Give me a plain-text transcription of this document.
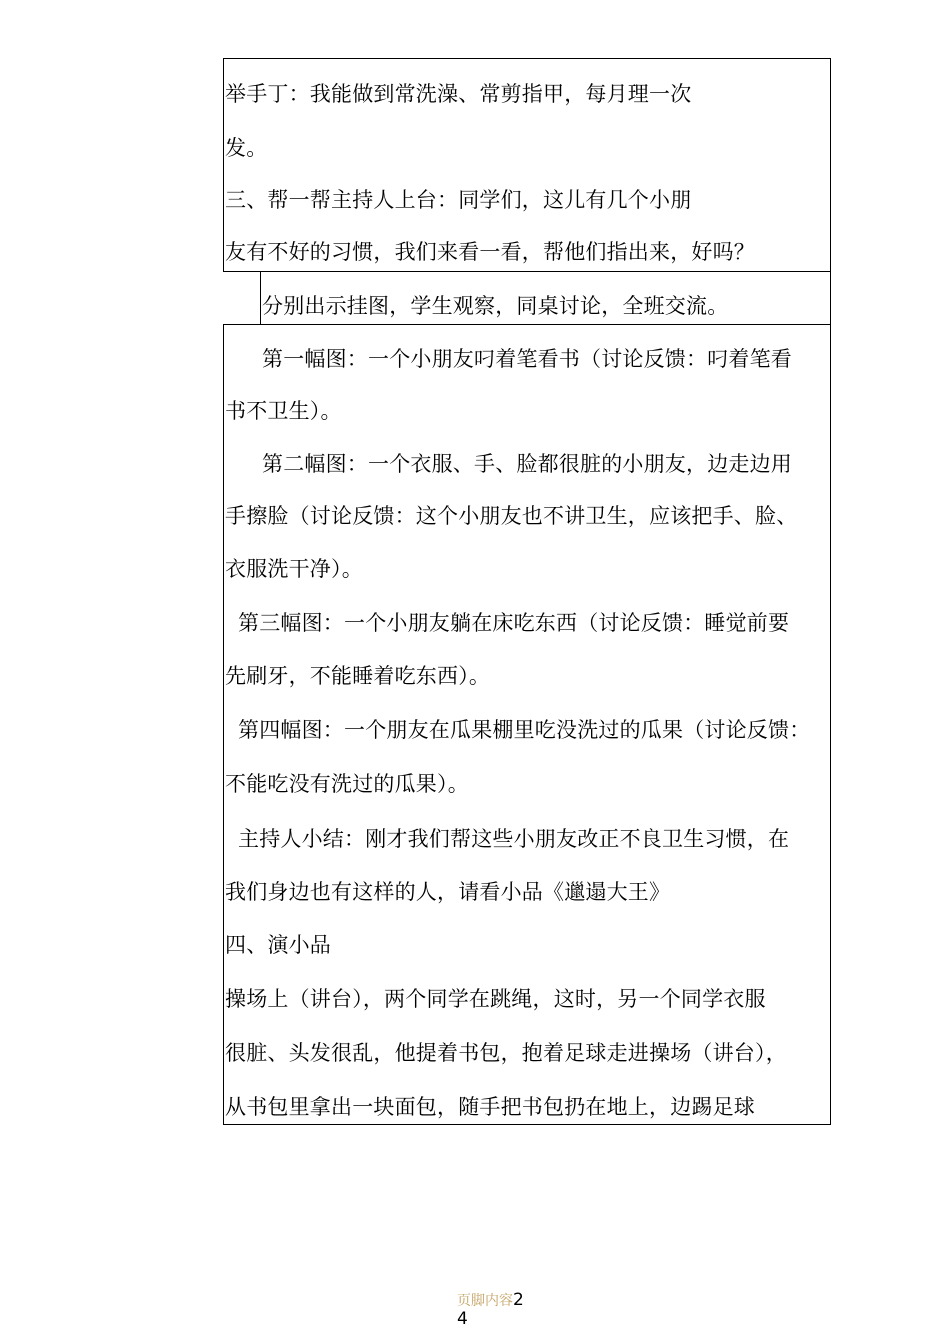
举手丁：我能做到常洗澡、常剪指甲，每月理一次
发。
三、帮一帮主持人上台：同学们，这儿有几个小朋
友有不好的习惯，我们来看一看，帮他们指出来，好吗？
分别出示挂图，学生观察，同桌讨论，全班交流。
第一幅图：一个小朋友叼着笔看书（讨论反馈：叼着笔看
书不卫生）。
第二幅图：一个衣服、手、脸都很脏的小朋友，边走边用
手擦脸（讨论反馈：这个小朋友也不讲卫生，应该把手、脸、
衣服洗干净）。
第三幅图：一个小朋友躺在床吃东西（讨论反馈：睡觉前要
先刷牙，不能睡着吃东西）。
第四幅图：一个朋友在瓜果棚里吃没洗过的瓜果（讨论反馈：
不能吃没有洗过的瓜果）。
主持人小结：刚才我们帮这些小朋友改正不良卫生习惯，在
我们身边也有这样的人，请看小品《邋遢大王》
四、演小品
操场上（讲台），两个同学在跳绳，这时，另一个同学衣服
很脏、头发很乱，他提着书包，抱着足球走进操场（讲台），
从书包里拿出一块面包，随手把书包扔在地上，边踢足球
页脚内容2
4
